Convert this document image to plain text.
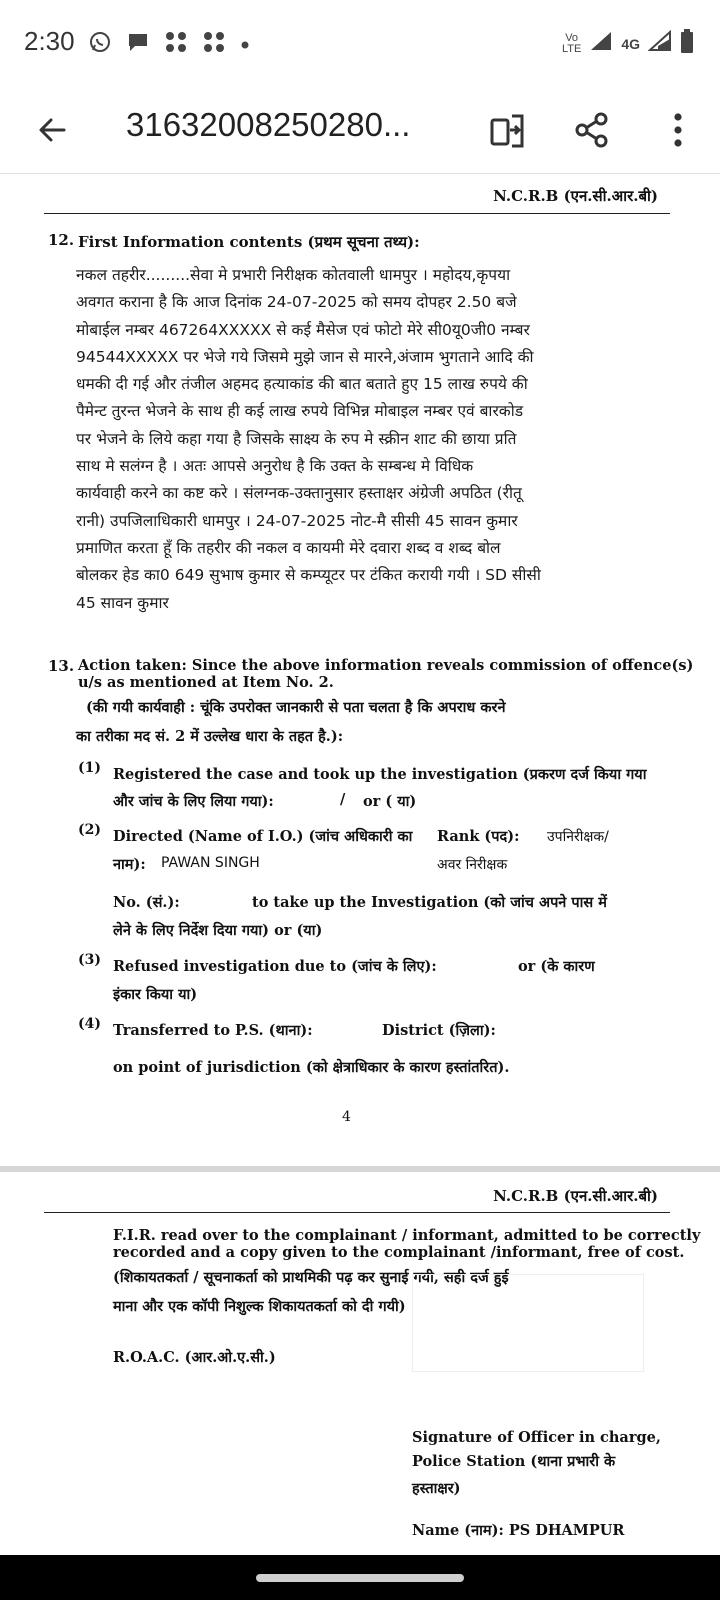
2:30	Vo
LTE	4G
31632008250280...
N.C.R.B (एन.सी.आर.बी)
12. First Information contents (प्रथम सूचना तथ्य):
नकल तहरीर.........सेवा मे प्रभारी निरीक्षक कोतवाली धामपुर । महोदय,कृपया
अवगत कराना है कि आज दिनांक 24-07-2025 को समय दोपहर 2.50 बजे
मोबाईल नम्बर 467264XXXXX से कई मैसेज एवं फोटो मेरे सी0यू0जी0 नम्बर
94544XXXXX पर भेजे गये जिसमे मुझे जान से मारने,अंजाम भुगताने आदि की
धमकी दी गई और तंजील अहमद हत्याकांड की बात बताते हुए 15 लाख रुपये की
पैमेन्ट तुरन्त भेजने के साथ ही कई लाख रुपये विभिन्न मोबाइल नम्बर एवं बारकोड
पर भेजने के लिये कहा गया है जिसके साक्ष्य के रुप मे स्क्रीन शाट की छाया प्रति
साथ मे सलंग्न है । अतः आपसे अनुरोध है कि उक्त के सम्बन्ध मे विधिक
कार्यवाही करने का कष्ट करे । संलग्नक-उक्तानुसार हस्ताक्षर अंग्रेजी अपठित (रीतू
रानी) उपजिलाधिकारी धामपुर । 24-07-2025 नोट-मै सीसी 45 सावन कुमार
प्रमाणित करता हूँ कि तहरीर की नकल व कायमी मेरे दवारा शब्द व शब्द बोल
बोलकर हेड का0 649 सुभाष कुमार से कम्प्यूटर पर टंकित करायी गयी । SD सीसी
45 सावन कुमार
13. Action taken: Since the above information reveals commission of offence(s)
u/s as mentioned at Item No. 2.
(की गयी कार्यवाही : चूंकि उपरोक्त जानकारी से पता चलता है कि अपराध करने
का तरीका मद सं. 2 में उल्लेख धारा के तहत है.):
(1) Registered the case and took up the investigation (प्रकरण दर्ज किया गया
और जांच के लिए लिया गया):	/ or ( या)
(2) Directed (Name of I.O.) (जांच अधिकारी का
नाम): PAWAN SINGH
Rank (पद): उपनिरीक्षक/
अवर निरीक्षक
No. (सं.):	to take up the Investigation (को जांच अपने पास में
लेने के लिए निर्देश दिया गया) or (या)
(3) Refused investigation due to (जांच के लिए):	or (के कारण
इंकार किया या)
(4) Transferred to P.S. (थाना):	District (ज़िला):
on point of jurisdiction (को क्षेत्राधिकार के कारण हस्तांतरित).
4
N.C.R.B (एन.सी.आर.बी)
F.I.R. read over to the complainant / informant, admitted to be correctly
recorded and a copy given to the complainant /informant, free of cost.
(शिकायतकर्ता / सूचनाकर्ता को प्राथमिकी पढ़ कर सुनाई गयी, सही दर्ज हुई
माना और एक कॉपी निशुल्क शिकायतकर्ता को दी गयी)
R.O.A.C. (आर.ओ.ए.सी.)
Signature of Officer in charge,
Police Station (थाना प्रभारी के
हस्ताक्षर)
Name (नाम): PS DHAMPUR
